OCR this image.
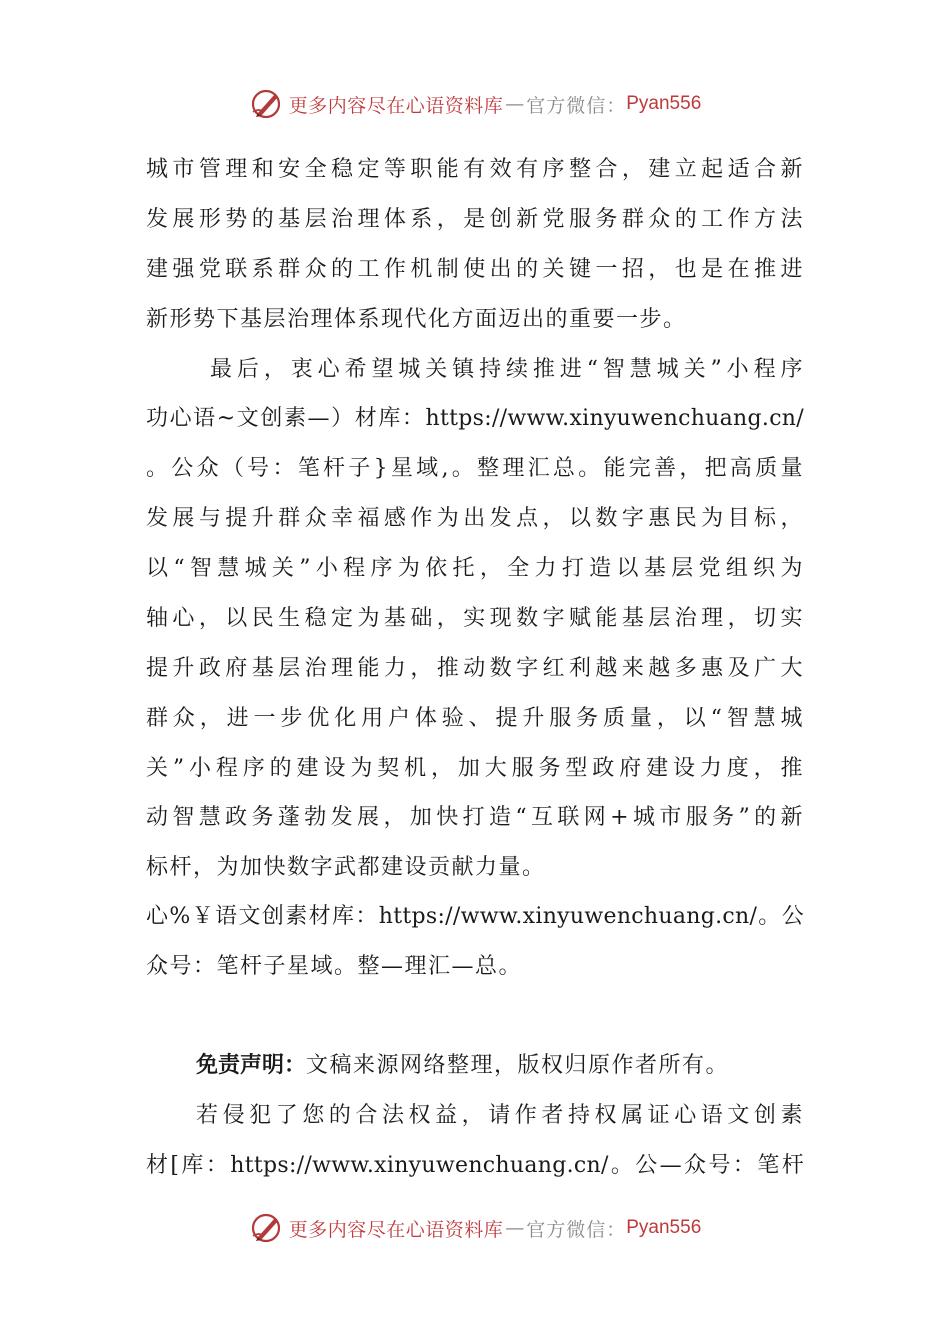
更多内容尽在心语资料库 — 官方微信： Pyan556
城市管理和安全稳定等职能有效有序整合，建立起适合新
发展形势的基层治理体系，是创新党服务群众的工作方法
建强党联系群众的工作机制使出的关键一招，也是在推进
新形势下基层治理体系现代化方面迈出的重要一步。
最后，衷心希望城关镇持续推进“智慧城关”小程序
功心语~文创素—）材库：https://www.xinyuwenchuang.cn/
。公众（号：笔杆子}星域,。整理汇总。能完善，把高质量
发展与提升群众幸福感作为出发点，以数字惠民为目标，
以“智慧城关”小程序为依托，全力打造以基层党组织为
轴心，以民生稳定为基础，实现数字赋能基层治理，切实
提升政府基层治理能力，推动数字红利越来越多惠及广大
群众，进一步优化用户体验、提升服务质量，以“智慧城
关”小程序的建设为契机，加大服务型政府建设力度，推
动智慧政务蓬勃发展，加快打造“互联网+城市服务”的新
标杆，为加快数字武都建设贡献力量。
心%￥语文创素材库：https://www.xinyuwenchuang.cn/。公
众号：笔杆子星域。整—理汇—总。
免责声明：文稿来源网络整理，版权归原作者所有。
若侵犯了您的合法权益，请作者持权属证心语文创素
材[库：https://www.xinyuwenchuang.cn/。公—众号：笔杆
更多内容尽在心语资料库 — 官方微信： Pyan556
